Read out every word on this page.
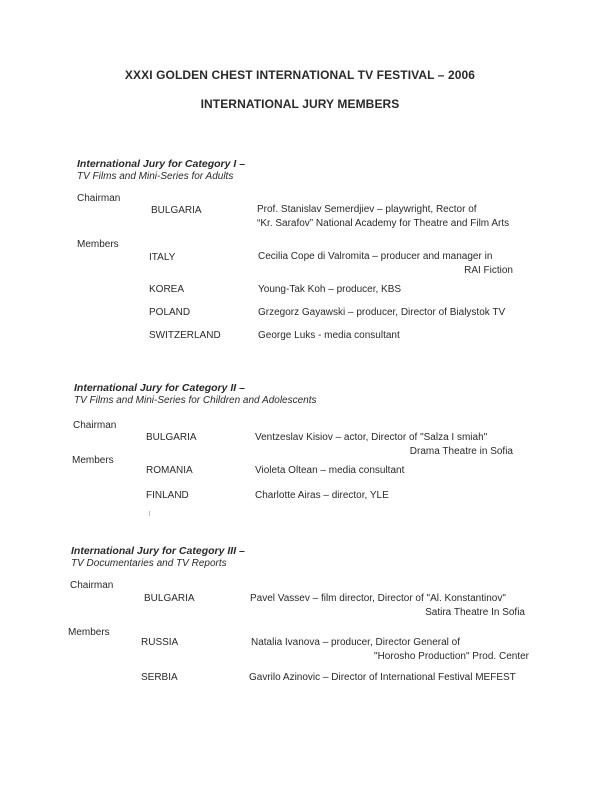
XXXI GOLDEN CHEST INTERNATIONAL TV FESTIVAL – 2006
INTERNATIONAL JURY MEMBERS
International Jury for Category I –
TV Films and Mini-Series for Adults
Chairman
BULGARIA	Prof. Stanislav Semerdjiev – playwright, Rector of
“Kr. Sarafov” National Academy for Theatre and Film Arts
Members
ITALY	Cecilia Cope di Valromita – producer and manager in
RAI Fiction
KOREA	Young-Tak Koh – producer, KBS
POLAND	Grzegorz Gayawski – producer, Director of Bialystok TV
SWITZERLAND	George Luks - media consultant
International Jury for Category II –
TV Films and Mini-Series for Children and Adolescents
Chairman
BULGARIA	Ventzeslav Kisiov – actor, Director of "Salza I smiah"
Drama Theatre in Sofia
Members
ROMANIA	Violeta Oltean – media consultant
FINLAND	Charlotte Airas – director, YLE
International Jury for Category III –
TV Documentaries and TV Reports
Chairman
BULGARIA	Pavel Vassev – film director, Director of "Al. Konstantinov"
Satira Theatre In Sofia
Members
RUSSIA	Natalia Ivanova – producer, Director General of
"Horosho Production" Prod. Center
SERBIA	Gavrilo Azinovic – Director of International Festival MEFEST
